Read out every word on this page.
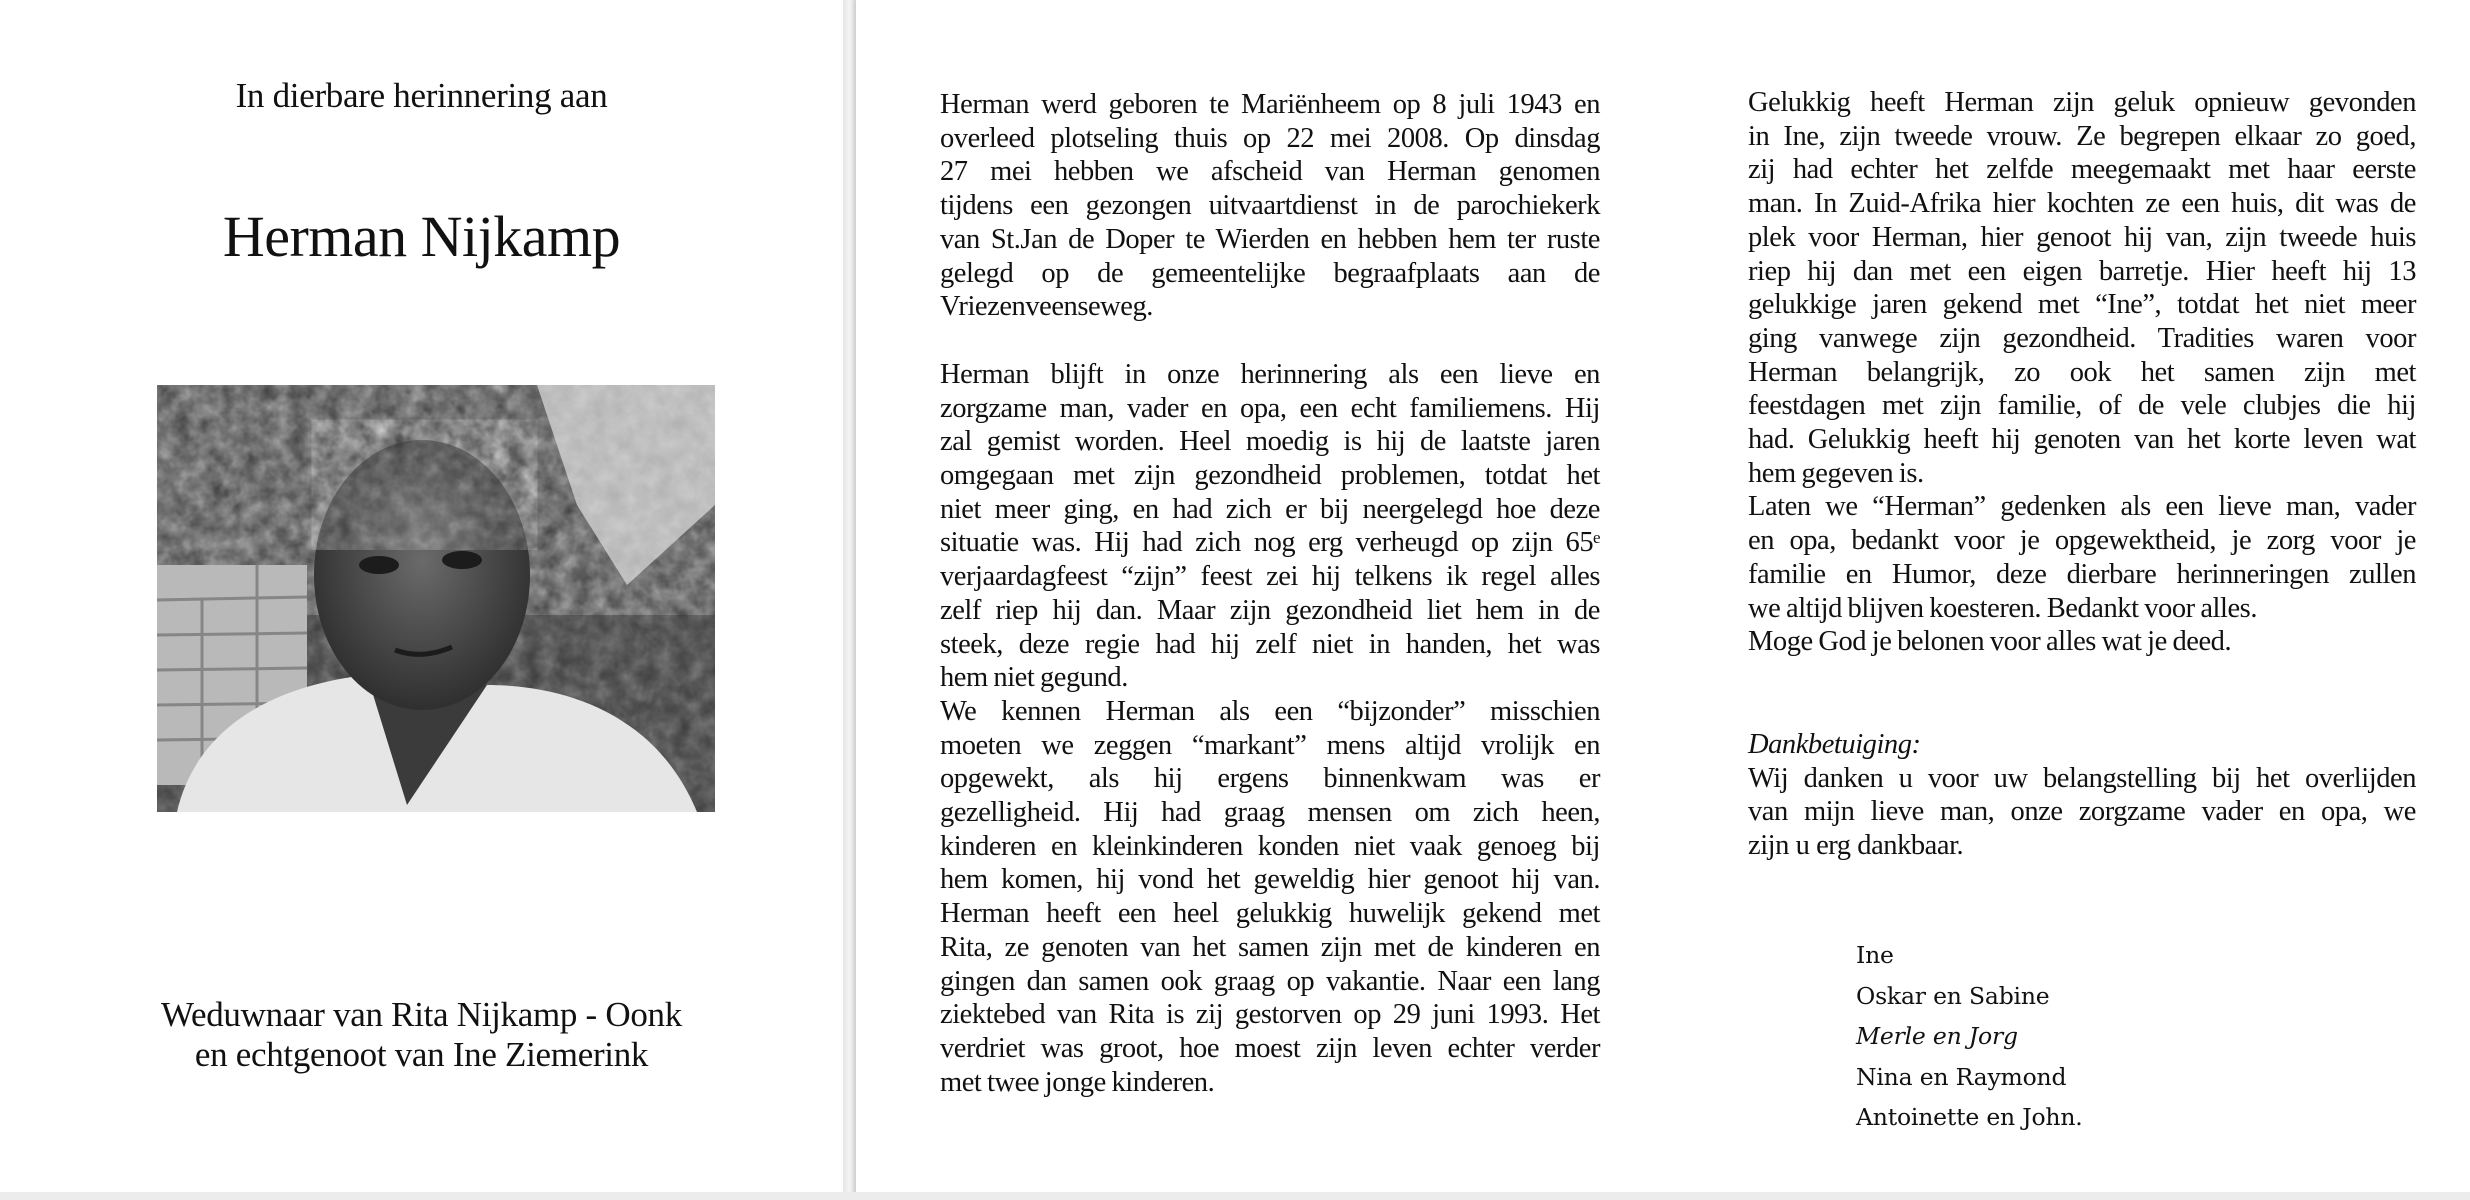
In dierbare herinnering aan
Herman Nijkamp
Weduwnaar van Rita Nijkamp - Oonk
en echtgenoot van Ine Ziemerink

Herman werd geboren te Mariënheem op 8 juli 1943 en
overleed plotseling thuis op 22 mei 2008. Op dinsdag
27 mei hebben we afscheid van Herman genomen
tijdens een gezongen uitvaartdienst in de parochiekerk
van St.Jan de Doper te Wierden en hebben hem ter ruste
gelegd op de gemeentelijke begraafplaats aan de
Vriezenveenseweg.

Herman blijft in onze herinnering als een lieve en
zorgzame man, vader en opa, een echt familiemens. Hij
zal gemist worden. Heel moedig is hij de laatste jaren
omgegaan met zijn gezondheid problemen, totdat het
niet meer ging, en had zich er bij neergelegd hoe deze
situatie was. Hij had zich nog erg verheugd op zijn 65ᵉ
verjaardagfeest “zijn” feest zei hij telkens ik regel alles
zelf riep hij dan. Maar zijn gezondheid liet hem in de
steek, deze regie had hij zelf niet in handen, het was
hem niet gegund.
We kennen Herman als een “bijzonder” misschien
moeten we zeggen “markant” mens altijd vrolijk en
opgewekt, als hij ergens binnenkwam was er
gezelligheid. Hij had graag mensen om zich heen,
kinderen en kleinkinderen konden niet vaak genoeg bij
hem komen, hij vond het geweldig hier genoot hij van.
Herman heeft een heel gelukkig huwelijk gekend met
Rita, ze genoten van het samen zijn met de kinderen en
gingen dan samen ook graag op vakantie. Naar een lang
ziektebed van Rita is zij gestorven op 29 juni 1993. Het
verdriet was groot, hoe moest zijn leven echter verder
met twee jonge kinderen.

Gelukkig heeft Herman zijn geluk opnieuw gevonden
in Ine, zijn tweede vrouw. Ze begrepen elkaar zo goed,
zij had echter het zelfde meegemaakt met haar eerste
man. In Zuid-Afrika hier kochten ze een huis, dit was de
plek voor Herman, hier genoot hij van, zijn tweede huis
riep hij dan met een eigen barretje. Hier heeft hij 13
gelukkige jaren gekend met “Ine”, totdat het niet meer
ging vanwege zijn gezondheid. Tradities waren voor
Herman belangrijk, zo ook het samen zijn met
feestdagen met zijn familie, of de vele clubjes die hij
had. Gelukkig heeft hij genoten van het korte leven wat
hem gegeven is.
Laten we “Herman” gedenken als een lieve man, vader
en opa, bedankt voor je opgewektheid, je zorg voor je
familie en Humor, deze dierbare herinneringen zullen
we altijd blijven koesteren. Bedankt voor alles.
Moge God je belonen voor alles wat je deed.

Dankbetuiging:
Wij danken u voor uw belangstelling bij het overlijden
van mijn lieve man, onze zorgzame vader en opa, we
zijn u erg dankbaar.
Ine
Oskar en Sabine
Merle en Jorg
Nina en Raymond
Antoinette en John.
